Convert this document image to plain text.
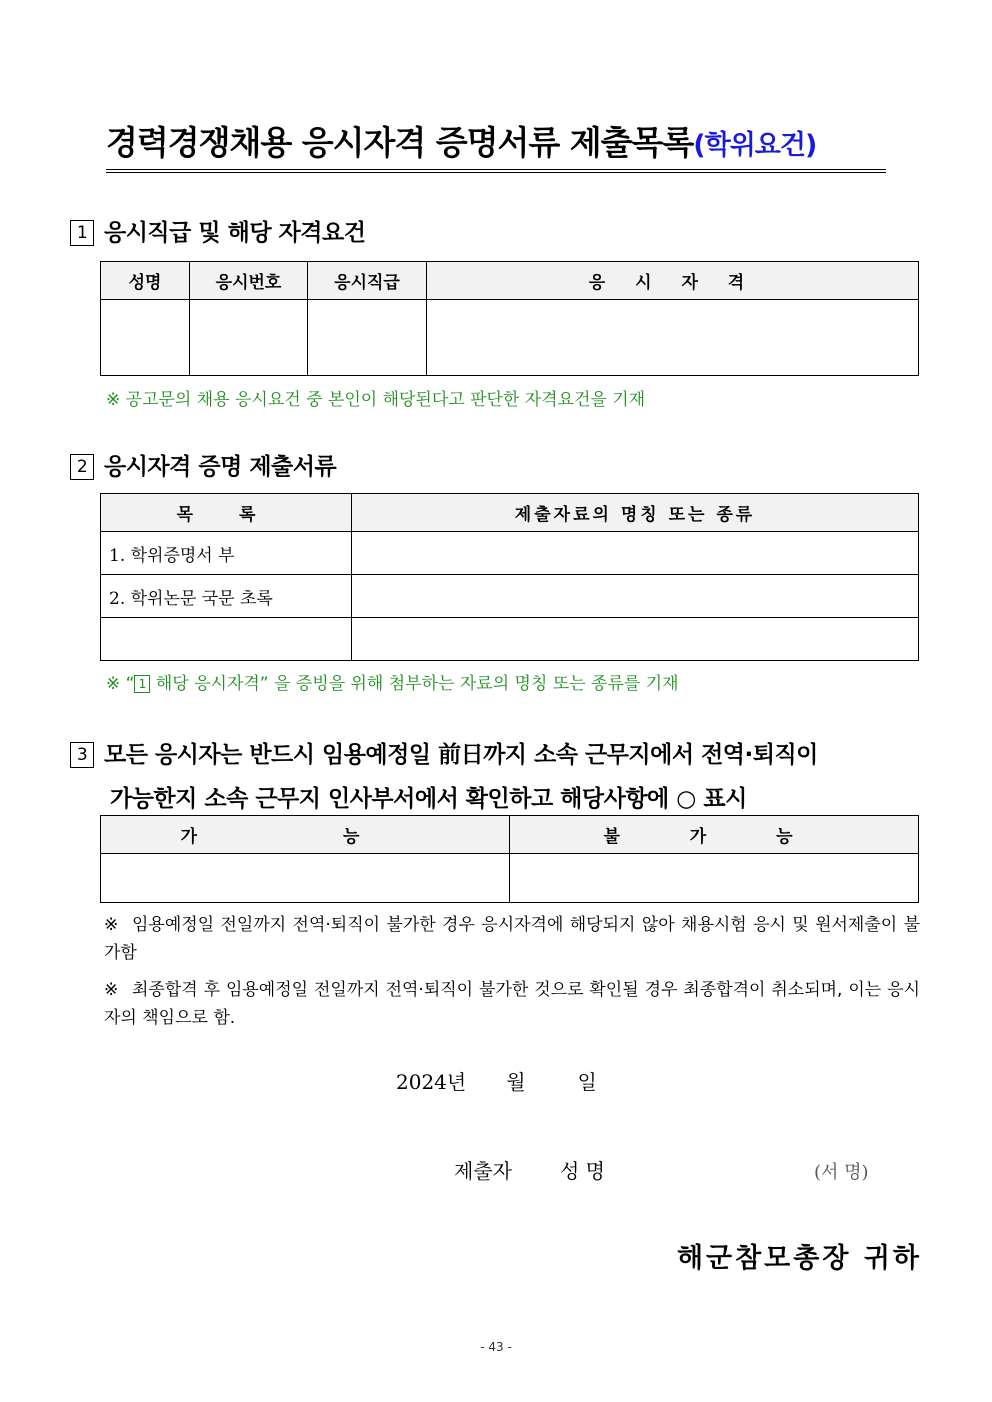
경력경쟁채용 응시자격 증명서류 제출목록(학위요건)
1 응시직급 및 해당 자격요건
성명	응시번호	응시직급	응 시 자 격

※ 공고문의 채용 응시요건 중 본인이 해당된다고 판단한 자격요건을 기재
2 응시자격 증명 제출서류
목 록	제출자료의 명칭 또는 종류
1. 학위증명서 부	
2. 학위논문 국문 초록	

※ “ 1 해당 응시자격” 을 증빙을 위해 첨부하는 자료의 명칭 또는 종류를 기재
3 모든 응시자는 반드시 임용예정일 前日까지 소속 근무지에서 전역·퇴직이
가능한지 소속 근무지 인사부서에서 확인하고 해당사항에 ○ 표시
가 능	불 가 능

※ 임용예정일 전일까지 전역·퇴직이 불가한 경우 응시자격에 해당되지 않아 채용시험 응시 및 원서제출이 불가함
※ 최종합격 후 임용예정일 전일까지 전역·퇴직이 불가한 것으로 확인될 경우 최종합격이 취소되며, 이는 응시자의 책임으로 함.
2024년 월	일
제출자 성 명	(서 명)
해군참모총장 귀하
- 43 -
